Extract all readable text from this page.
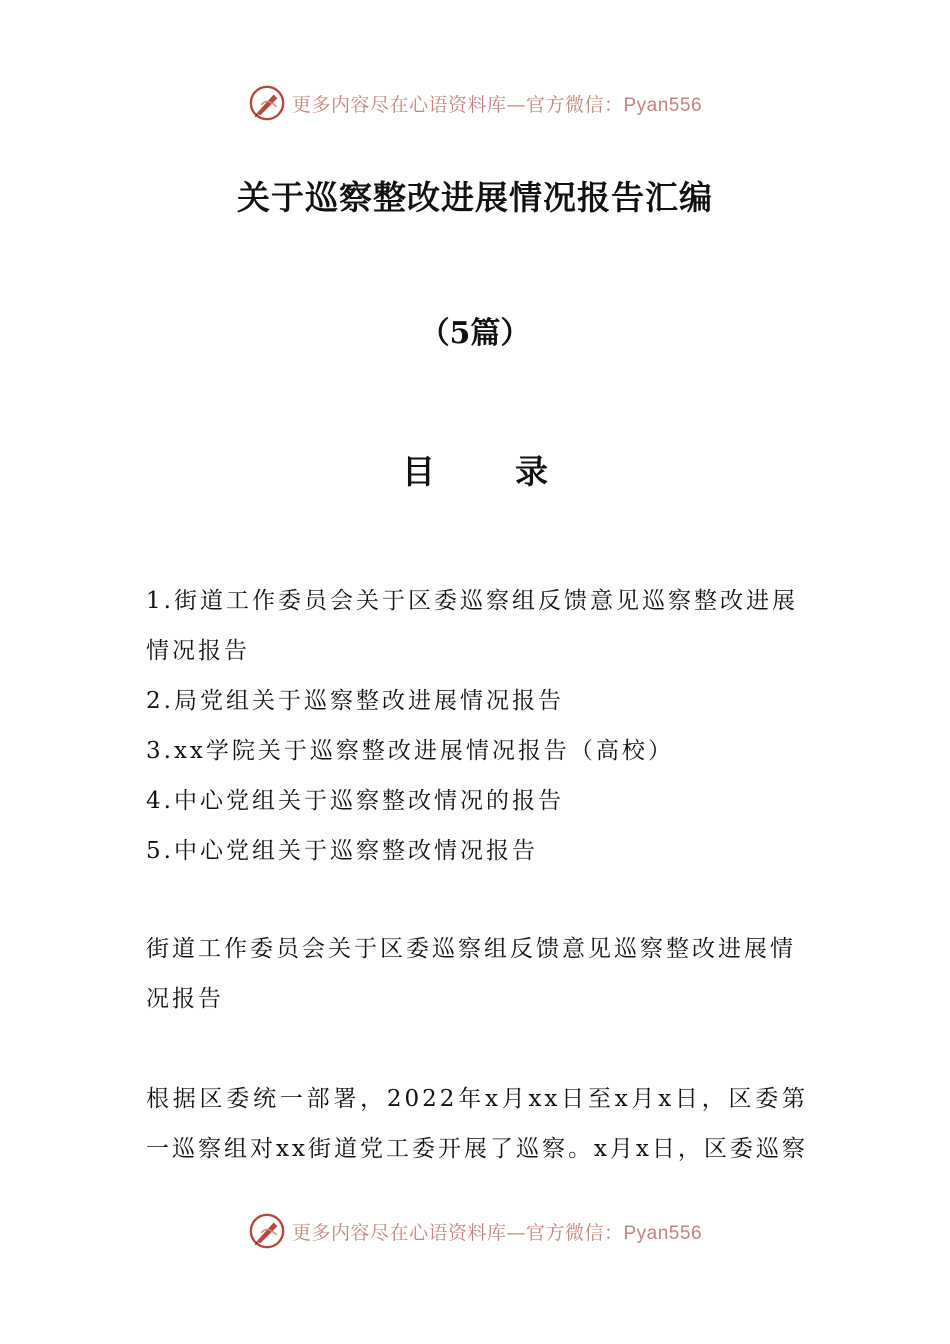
更多内容尽在心语资料库—官方微信：Pyan556
关于巡察整改进展情况报告汇编
（5篇）
目 录

1.街道工作委员会关于区委巡察组反馈意见巡察整改进展情况报告

2.局党组关于巡察整改进展情况报告

3.xx学院关于巡察整改进展情况报告（高校）

4.中心党组关于巡察整改情况的报告

5.中心党组关于巡察整改情况报告

街道工作委员会关于区委巡察组反馈意见巡察整改进展情况报告
根据区委统一部署，2022年x月xx日至x月x日，区委第一巡察组对xx街道党工委开展了巡察。x月x日，区委巡察
更多内容尽在心语资料库—官方微信：Pyan556
